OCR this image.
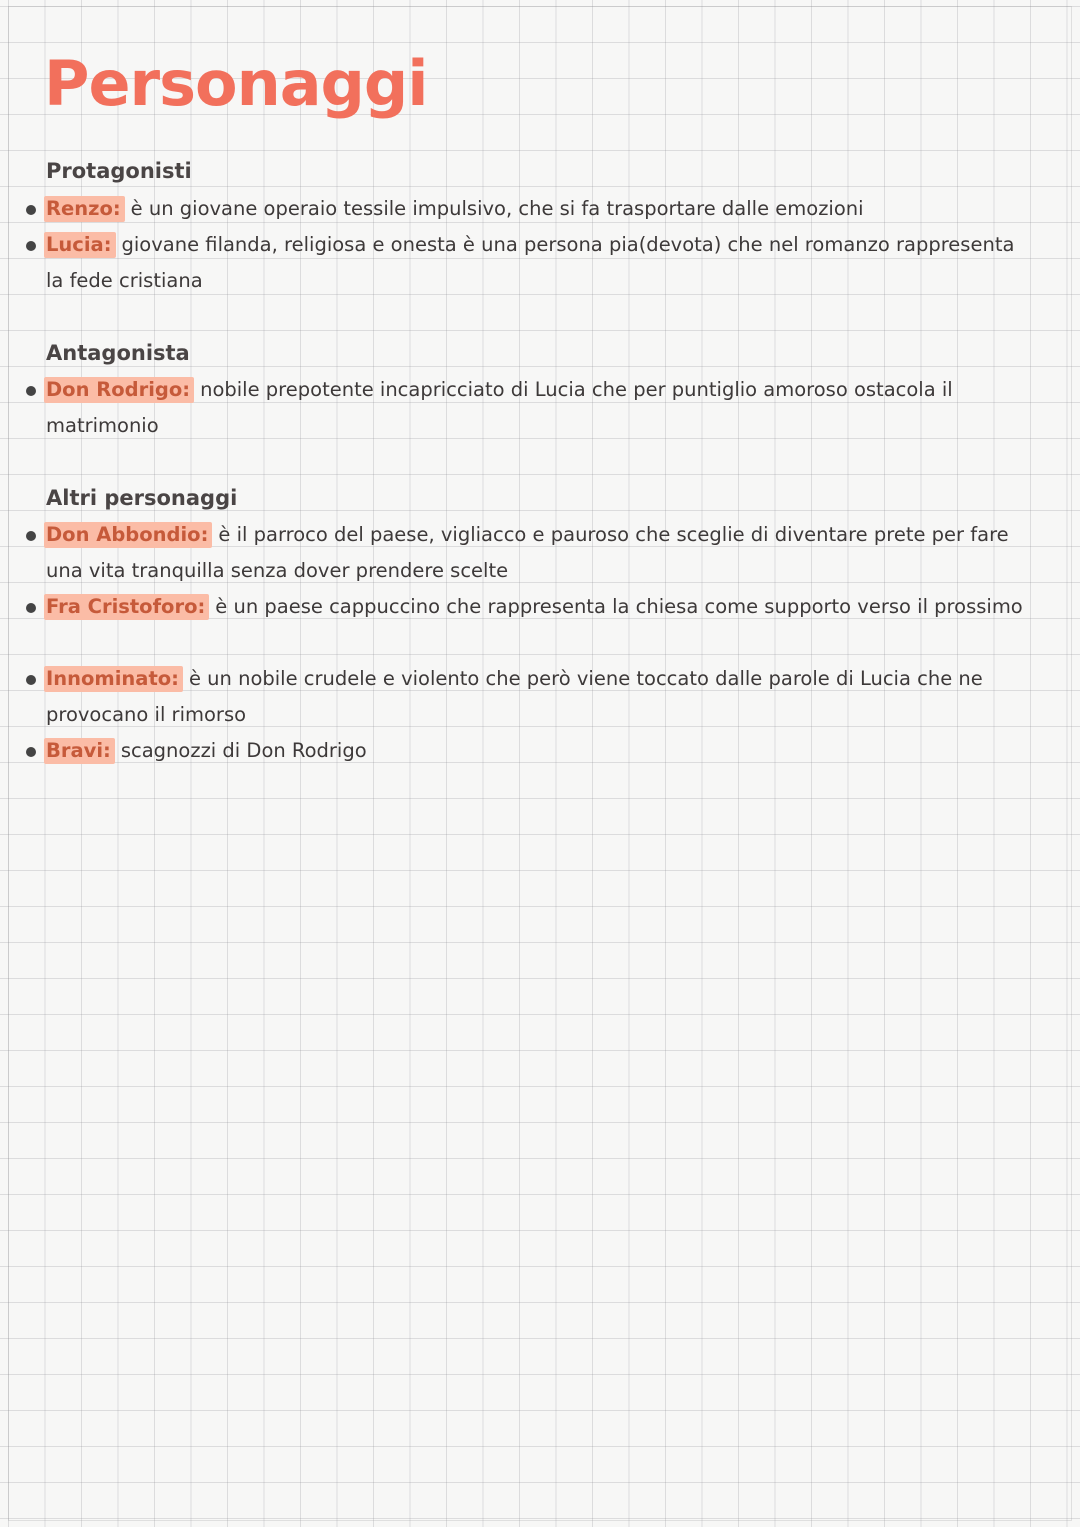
Personaggi
Protagonisti

Renzo: è un giovane operaio tessile impulsivo, che si fa trasportare dalle emozioni

Lucia: giovane filanda, religiosa e onesta è una persona pia(devota) che nel romanzo rappresenta la fede cristiana

Antagonista

Don Rodrigo: nobile prepotente incapricciato di Lucia che per puntiglio amoroso ostacola il matrimonio

Altri personaggi

Don Abbondio: è il parroco del paese, vigliacco e pauroso che sceglie di diventare prete per fare una vita tranquilla senza dover prendere scelte

Fra Cristoforo: è un paese cappuccino che rappresenta la chiesa come supporto verso il prossimo

Innominato: è un nobile crudele e violento che però viene toccato dalle parole di Lucia che ne provocano il rimorso

Bravi: scagnozzi di Don Rodrigo
